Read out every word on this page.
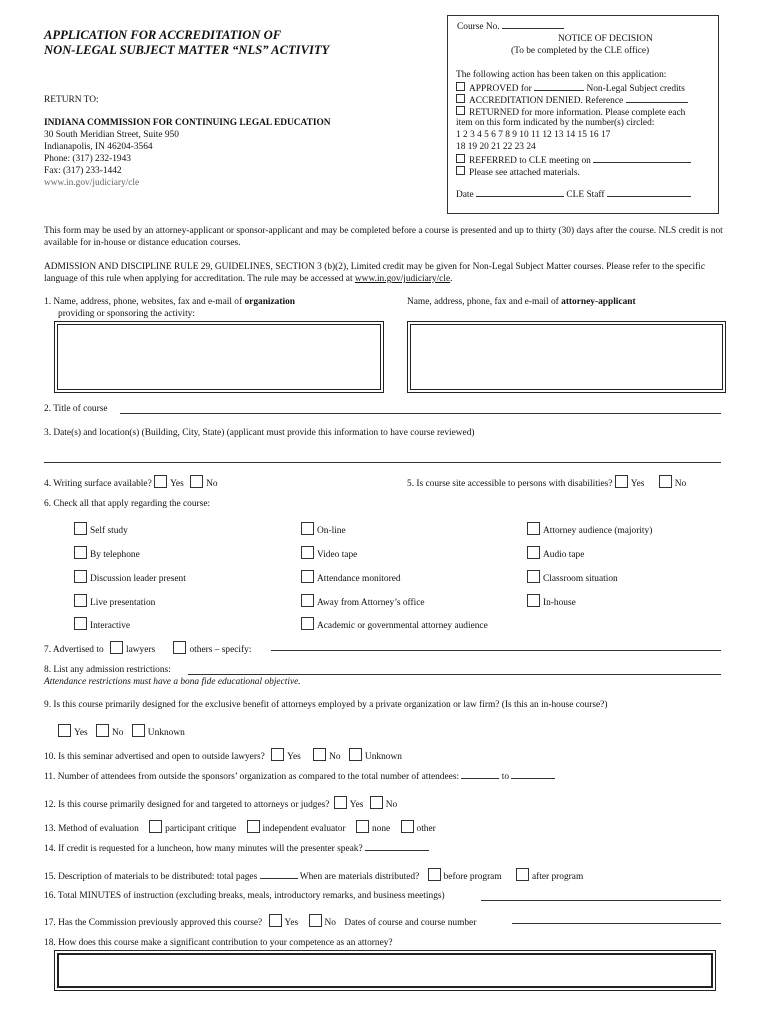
APPLICATION FOR ACCREDITATION OF
NON-LEGAL SUBJECT MATTER “NLS” ACTIVITY
RETURN TO:
INDIANA COMMISSION FOR CONTINUING LEGAL EDUCATION
30 South Meridian Street, Suite 950
Indianapolis, IN 46204-3564
Phone: (317) 232-1943
Fax: (317) 233-1442
www.in.gov/judiciary/cle
Course No.
NOTICE OF DECISION
(To be completed by the CLE office)
The following action has been taken on this application:
APPROVED for	Non-Legal Subject credits
ACCREDITATION DENIED. Reference
RETURNED for more information. Please complete each
item on this form indicated by the number(s) circled:
1 2 3 4 5 6 7 8 9 10 11 12 13 14 15 16 17
18 19 20 21 22 23 24
REFERRED to CLE meeting on
Please see attached materials.
Date	CLE Staff
This form may be used by an attorney-applicant or sponsor-applicant and may be completed before a course is presented and up to thirty (30) days after the course. NLS credit is not available for in-house or distance education courses.
ADMISSION AND DISCIPLINE RULE 29, GUIDELINES, SECTION 3 (b)(2), Limited credit may be given for Non-Legal Subject Matter courses. Please refer to the specific language of this rule when applying for accreditation. The rule may be accessed at www.in.gov/judiciary/cle.
1. Name, address, phone, websites, fax and e-mail of organization
providing or sponsoring the activity:
Name, address, phone, fax and e-mail of attorney-applicant
2. Title of course
3. Date(s) and location(s) (Building, City, State) (applicant must provide this information to have course reviewed)
4. Writing surface available? Yes No	5. Is course site accessible to persons with disabilities? Yes	No
6. Check all that apply regarding the course:
Self study
By telephone
Discussion leader present
Live presentation
Interactive
On-line
Video tape
Attendance monitored
Away from Attorney’s office
Academic or governmental attorney audience
Attorney audience (majority)
Audio tape
Classroom situation
In-house
7. Advertised to lawyers	others – specify:
8. List any admission restrictions:
Attendance restrictions must have a bona fide educational objective.
9. Is this course primarily designed for the exclusive benefit of attorneys employed by a private organization or law firm? (Is this an in-house course?)
Yes	No	Unknown
10. Is this seminar advertised and open to outside lawyers? Yes	No	Unknown
11. Number of attendees from outside the sponsors’ organization as compared to the total number of attendees:	to
12. Is this course primarily designed for and targeted to attorneys or judges? Yes No
13. Method of evaluation	participant critique	independent evaluator	none	other
14. If credit is requested for a luncheon, how many minutes will the presenter speak?
15. Description of materials to be distributed: total pages	When are materials distributed?	before program	after program
16. Total MINUTES of instruction (excluding breaks, meals, introductory remarks, and business meetings)
17. Has the Commission previously approved this course? Yes	No Dates of course and course number
18. How does this course make a significant contribution to your competence as an attorney?
